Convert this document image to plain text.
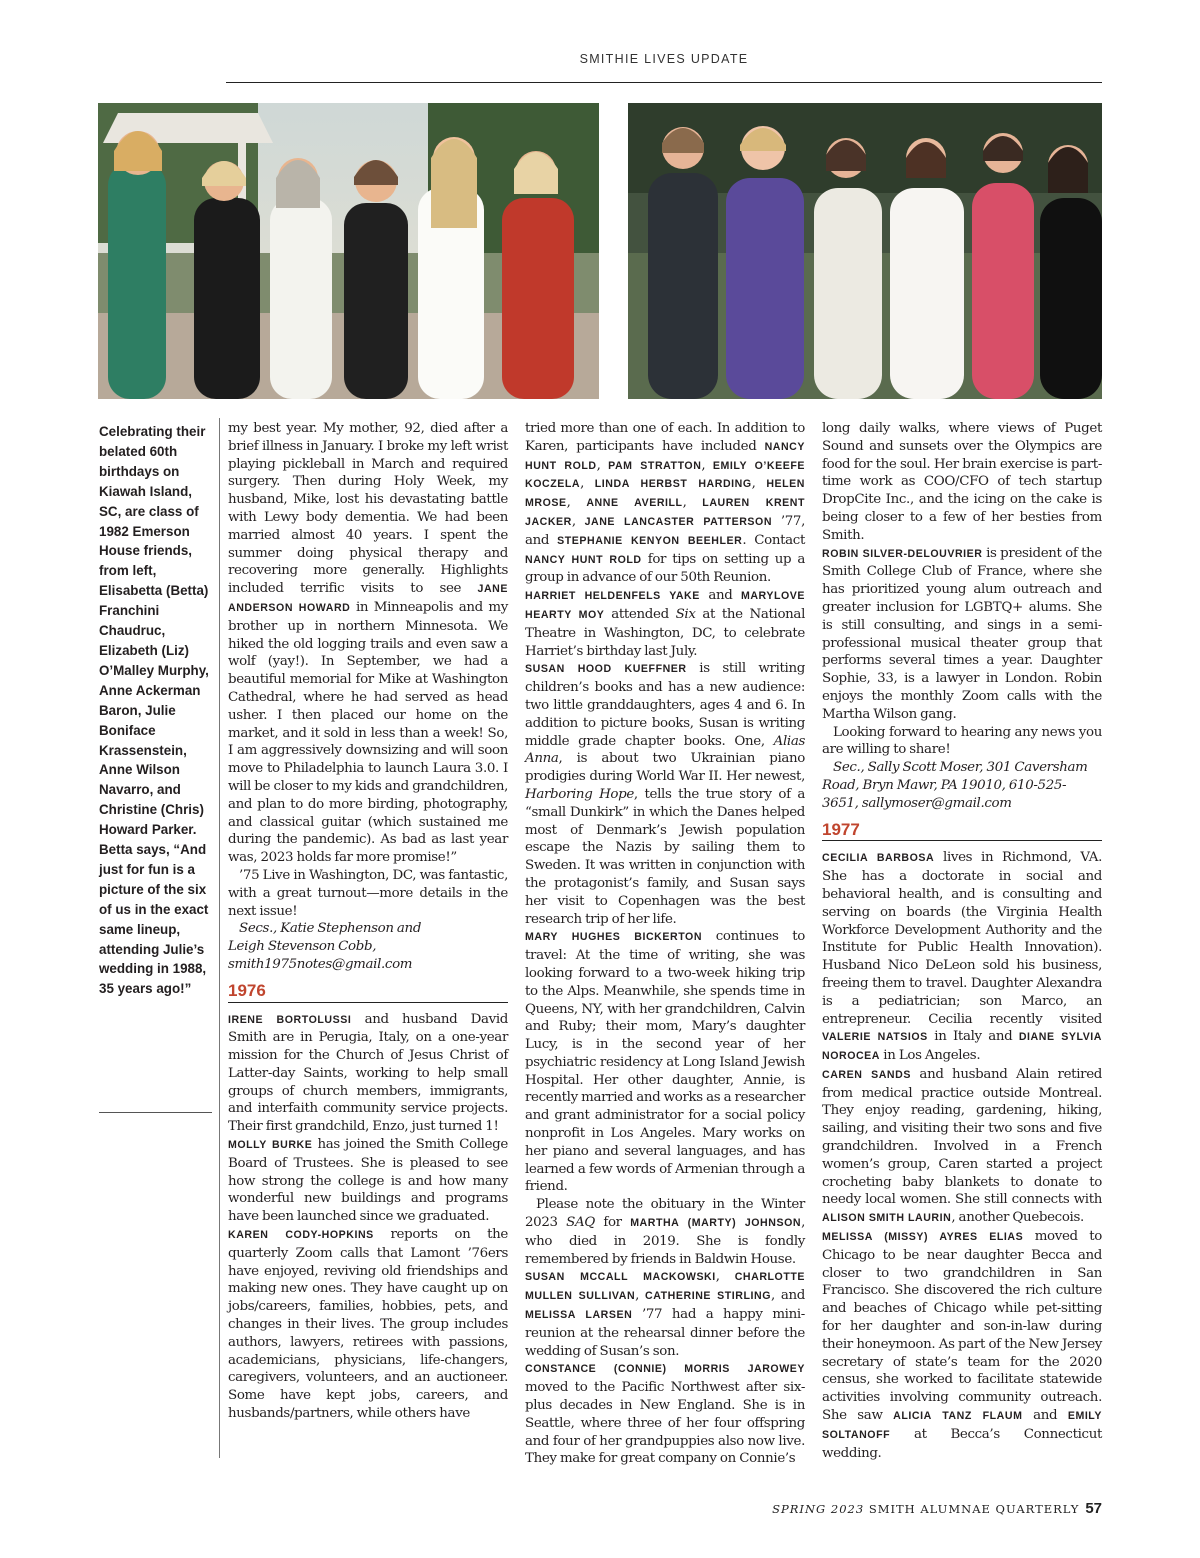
SMITHIE LIVES UPDATE
Celebrating their belated 60th birthdays on Kiawah Island, SC, are class of 1982 Emerson House friends, from left, Elisabetta (Betta) Franchini Chaudruc, Elizabeth (Liz) O’Malley Murphy, Anne Ackerman Baron, Julie Boniface Krassenstein, Anne Wilson Navarro, and Christine (Chris) Howard Parker. Betta says, “And just for fun is a picture of the six of us in the exact same lineup, attending Julie’s wedding in 1988, 35 years ago!”

my best year. My mother, 92, died after a brief illness in January. I broke my left wrist playing pickleball in March and required surgery. Then during Holy Week, my husband, Mike, lost his devastating battle with Lewy body dementia. We had been married almost 40 years. I spent the summer doing physical therapy and recovering more generally. Highlights included terrific visits to see JANE ANDERSON HOWARD in Minneapolis and my brother up in northern Minnesota. We hiked the old logging trails and even saw a wolf (yay!). In September, we had a beautiful memorial for Mike at Washington Cathedral, where he had served as head usher. I then placed our home on the market, and it sold in less than a week! So, I am aggressively downsizing and will soon move to Philadelphia to launch Laura 3.0. I will be closer to my kids and grandchildren, and plan to do more birding, photography, and classical guitar (which sustained me during the pandemic). As bad as last year was, 2023 holds far more promise!”

’75 Live in Washington, DC, was fantastic, with a great turnout—more details in the next issue!

Secs., Katie Stephenson and
Leigh Stevenson Cobb,
smith1975notes@gmail.com

1976

IRENE BORTOLUSSI and husband David Smith are in Perugia, Italy, on a one-year mission for the Church of Jesus Christ of Latter-day Saints, working to help small groups of church members, immigrants, and interfaith community service projects. Their first grandchild, Enzo, just turned 1!

MOLLY BURKE has joined the Smith College Board of Trustees. She is pleased to see how strong the college is and how many wonderful new buildings and programs have been launched since we graduated.

KAREN CODY-HOPKINS reports on the quarterly Zoom calls that Lamont ’76ers have enjoyed, reviving old friendships and making new ones. They have caught up on jobs/careers, families, hobbies, pets, and changes in their lives. The group includes authors, lawyers, retirees with passions, academicians, physicians, life-changers, caregivers, volunteers, and an auctioneer. Some have kept jobs, careers, and husbands/partners, while others have

tried more than one of each. In addition to Karen, participants have included NANCY HUNT ROLD, PAM STRATTON, EMILY O’KEEFE KOCZELA, LINDA HERBST HARDING, HELEN MROSE, ANNE AVERILL, LAUREN KRENT JACKER, JANE LANCASTER PATTERSON ’77, and STEPHANIE KENYON BEEHLER. Contact NANCY HUNT ROLD for tips on setting up a group in advance of our 50th Reunion.

HARRIET HELDENFELS YAKE and MARYLOVE HEARTY MOY attended Six at the National Theatre in Washington, DC, to celebrate Harriet’s birthday last July.

SUSAN HOOD KUEFFNER is still writing children’s books and has a new audience: two little granddaughters, ages 4 and 6. In addition to picture books, Susan is writing middle grade chapter books. One, Alias Anna, is about two Ukrainian piano prodigies during World War II. Her newest, Harboring Hope, tells the true story of a “small Dunkirk” in which the Danes helped most of Denmark’s Jewish population escape the Nazis by sailing them to Sweden. It was written in conjunction with the protagonist’s family, and Susan says her visit to Copenhagen was the best research trip of her life.

MARY HUGHES BICKERTON continues to travel: At the time of writing, she was looking forward to a two-week hiking trip to the Alps. Meanwhile, she spends time in Queens, NY, with her grandchildren, Calvin and Ruby; their mom, Mary’s daughter Lucy, is in the second year of her psychiatric residency at Long Island Jewish Hospital. Her other daughter, Annie, is recently married and works as a researcher and grant administrator for a social policy nonprofit in Los Angeles. Mary works on her piano and several languages, and has learned a few words of Armenian through a friend.

Please note the obituary in the Winter 2023 SAQ for MARTHA (MARTY) JOHNSON, who died in 2019. She is fondly remembered by friends in Baldwin House.

SUSAN MCCALL MACKOWSKI, CHARLOTTE MULLEN SULLIVAN, CATHERINE STIRLING, and MELISSA LARSEN ’77 had a happy mini-reunion at the rehearsal dinner before the wedding of Susan’s son.

CONSTANCE (CONNIE) MORRIS JAROWEY moved to the Pacific Northwest after six-plus decades in New England. She is in Seattle, where three of her four offspring and four of her grandpuppies also now live. They make for great company on Connie’s

long daily walks, where views of Puget Sound and sunsets over the Olympics are food for the soul. Her brain exercise is part-time work as COO/CFO of tech startup DropCite Inc., and the icing on the cake is being closer to a few of her besties from Smith.

ROBIN SILVER-DELOUVRIER is president of the Smith College Club of France, where she has prioritized young alum outreach and greater inclusion for LGBTQ+ alums. She is still consulting, and sings in a semi-professional musical theater group that performs several times a year. Daughter Sophie, 33, is a lawyer in London. Robin enjoys the monthly Zoom calls with the Martha Wilson gang.

Looking forward to hearing any news you are willing to share!

Sec., Sally Scott Moser, 301 Caversham Road, Bryn Mawr, PA 19010, 610-525-3651, sallymoser@gmail.com

1977

CECILIA BARBOSA lives in Richmond, VA. She has a doctorate in social and behavioral health, and is consulting and serving on boards (the Virginia Health Workforce Development Authority and the Institute for Public Health Innovation). Husband Nico DeLeon sold his business, freeing them to travel. Daughter Alexandra is a pediatrician; son Marco, an entrepreneur. Cecilia recently visited VALERIE NATSIOS in Italy and DIANE SYLVIA NOROCEA in Los Angeles.

CAREN SANDS and husband Alain retired from medical practice outside Montreal. They enjoy reading, gardening, hiking, sailing, and visiting their two sons and five grandchildren. Involved in a French women’s group, Caren started a project crocheting baby blankets to donate to needy local women. She still connects with ALISON SMITH LAURIN, another Quebecois.

MELISSA (MISSY) AYRES ELIAS moved to Chicago to be near daughter Becca and closer to two grandchildren in San Francisco. She discovered the rich culture and beaches of Chicago while pet-sitting for her daughter and son-in-law during their honeymoon. As part of the New Jersey secretary of state’s team for the 2020 census, she worked to facilitate statewide activities involving community outreach. She saw ALICIA TANZ FLAUM and EMILY SOLTANOFF at Becca’s Connecticut wedding.

SPRING 2023 SMITH ALUMNAE QUARTERLY 57
